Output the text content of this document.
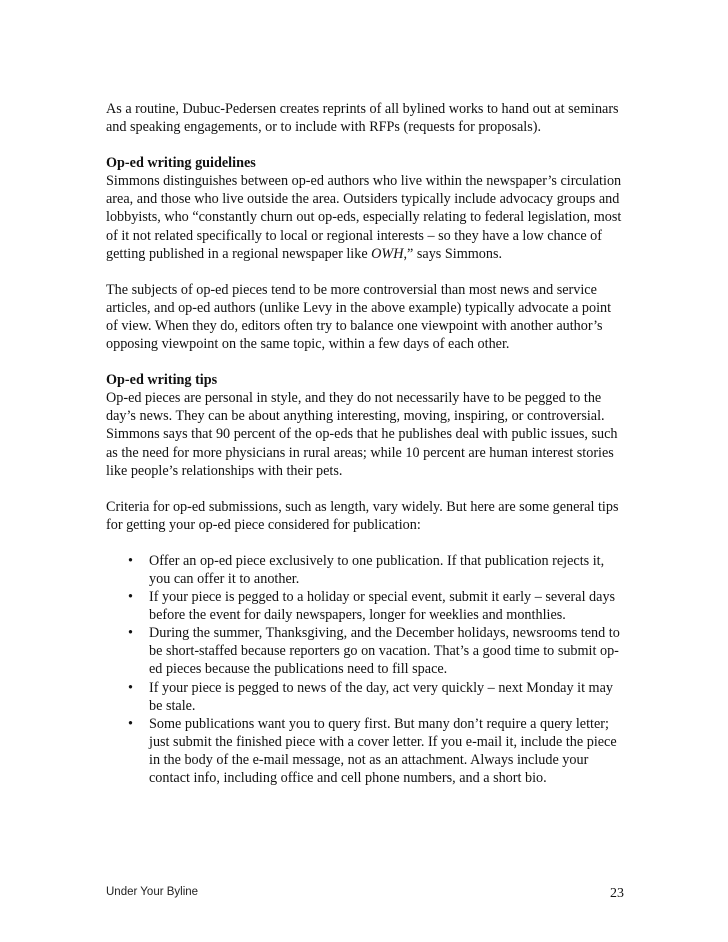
As a routine, Dubuc-Pedersen creates reprints of all bylined works to hand out at seminars and speaking engagements, or to include with RFPs (requests for proposals).

Op-ed writing guidelines
Simmons distinguishes between op-ed authors who live within the newspaper’s circulation area, and those who live outside the area. Outsiders typically include advocacy groups and lobbyists, who “constantly churn out op-eds, especially relating to federal legislation, most of it not related specifically to local or regional interests – so they have a low chance of getting published in a regional newspaper like OWH,” says Simmons.

The subjects of op-ed pieces tend to be more controversial than most news and service articles, and op-ed authors (unlike Levy in the above example) typically advocate a point of view. When they do, editors often try to balance one viewpoint with another author’s opposing viewpoint on the same topic, within a few days of each other.

Op-ed writing tips
Op-ed pieces are personal in style, and they do not necessarily have to be pegged to the day’s news. They can be about anything interesting, moving, inspiring, or controversial. Simmons says that 90 percent of the op-eds that he publishes deal with public issues, such as the need for more physicians in rural areas; while 10 percent are human interest stories like people’s relationships with their pets.

Criteria for op-ed submissions, such as length, vary widely. But here are some general tips for getting your op-ed piece considered for publication:

• Offer an op-ed piece exclusively to one publication. If that publication rejects it, you can offer it to another.
• If your piece is pegged to a holiday or special event, submit it early – several days before the event for daily newspapers, longer for weeklies and monthlies.
• During the summer, Thanksgiving, and the December holidays, newsrooms tend to be short-staffed because reporters go on vacation. That’s a good time to submit op-ed pieces because the publications need to fill space.
• If your piece is pegged to news of the day, act very quickly – next Monday it may be stale.
• Some publications want you to query first. But many don’t require a query letter; just submit the finished piece with a cover letter. If you e-mail it, include the piece in the body of the e-mail message, not as an attachment. Always include your contact info, including office and cell phone numbers, and a short bio.
Under Your Byline	23
